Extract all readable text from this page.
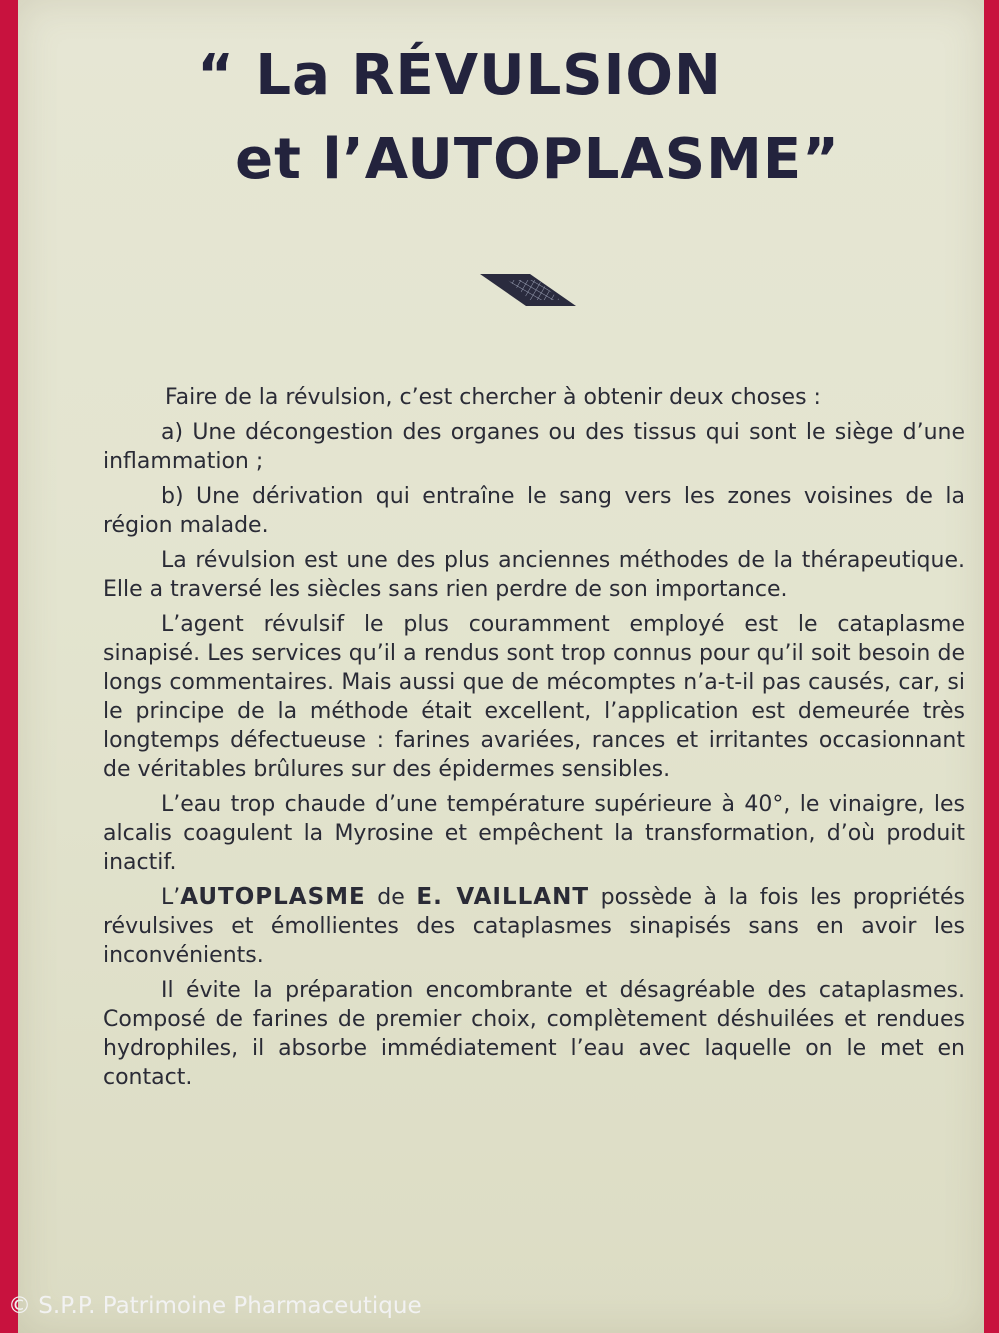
“ La RÉVULSION
et l’AUTOPLASME”

Faire de la révulsion, c’est chercher à obtenir deux choses :

a) Une décongestion des organes ou des tissus qui sont le siège d’une inflammation ;

b) Une dérivation qui entraîne le sang vers les zones voisines de la région malade.

La révulsion est une des plus anciennes méthodes de la thérapeutique. Elle a traversé les siècles sans rien perdre de son importance.

L’agent révulsif le plus couramment employé est le cataplasme sinapisé. Les services qu’il a rendus sont trop connus pour qu’il soit besoin de longs commentaires. Mais aussi que de mécomptes n’a-t-il pas causés, car, si le principe de la méthode était excellent, l’application est demeurée très longtemps défectueuse : farines avariées, rances et irritantes occasionnant de véritables brûlures sur des épidermes sensibles.

L’eau trop chaude d’une température supérieure à 40°, le vinaigre, les alcalis coagulent la Myrosine et empêchent la transformation, d’où produit inactif.

L’AUTOPLASME de E. VAILLANT possède à la fois les propriétés révulsives et émollientes des cataplasmes sinapisés sans en avoir les inconvénients.

Il évite la préparation encombrante et désagréable des cataplasmes. Composé de farines de premier choix, complètement déshuilées et rendues hydrophiles, il absorbe immédiatement l’eau avec laquelle on le met en contact.

© S.P.P. Patrimoine Pharmaceutique
